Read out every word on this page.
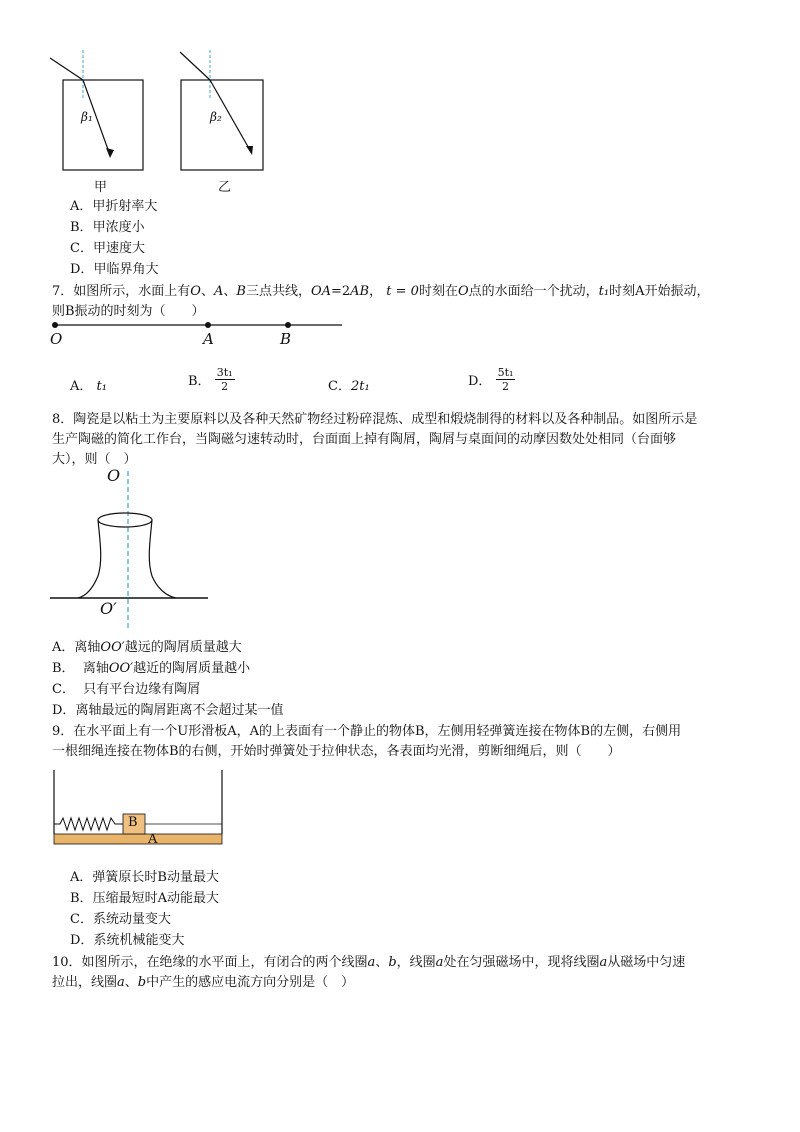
β₁
甲
β₂
乙
A．甲折射率大
B．甲浓度小
C．甲速度大
D．甲临界角大
7．如图所示，水面上有O、A、B三点共线，OA=2AB， t = 0时刻在O点的水面给一个扰动，t₁时刻A开始振动，
则B振动的时刻为（　　）
O	A	B
A． t₁	B． $\frac{\text{3t₁}}{2}$	C．2t₁	D． $\frac{\text{5t₁}}{2}$
8．陶瓷是以粘土为主要原料以及各种天然矿物经过粉碎混炼、成型和煅烧制得的材料以及各种制品。如图所示是
生产陶磁的简化工作台，当陶磁匀速转动时，台面面上掉有陶屑，陶屑与桌面间的动摩因数处处相同（台面够
大），则（　）
O
O′
A．离轴OO′越远的陶屑质量越大
B．  离轴OO′越近的陶屑质量越小
C．  只有平台边缘有陶屑
D．离轴最远的陶屑距离不会超过某一值
9．在水平面上有一个U形滑板A，A的上表面有一个静止的物体B，左侧用轻弹簧连接在物体B的左侧，右侧用
一根细绳连接在物体B的右侧，开始时弹簧处于拉伸状态，各表面均光滑，剪断细绳后，则（　　）
B
A
A．弹簧原长时B动量最大
B．压缩最短时A动能最大
C．系统动量变大
D．系统机械能变大
10．如图所示，在绝缘的水平面上，有闭合的两个线圈a、b，线圈a处在匀强磁场中，现将线圈a从磁场中匀速
拉出，线圈a、b中产生的感应电流方向分别是（　）
